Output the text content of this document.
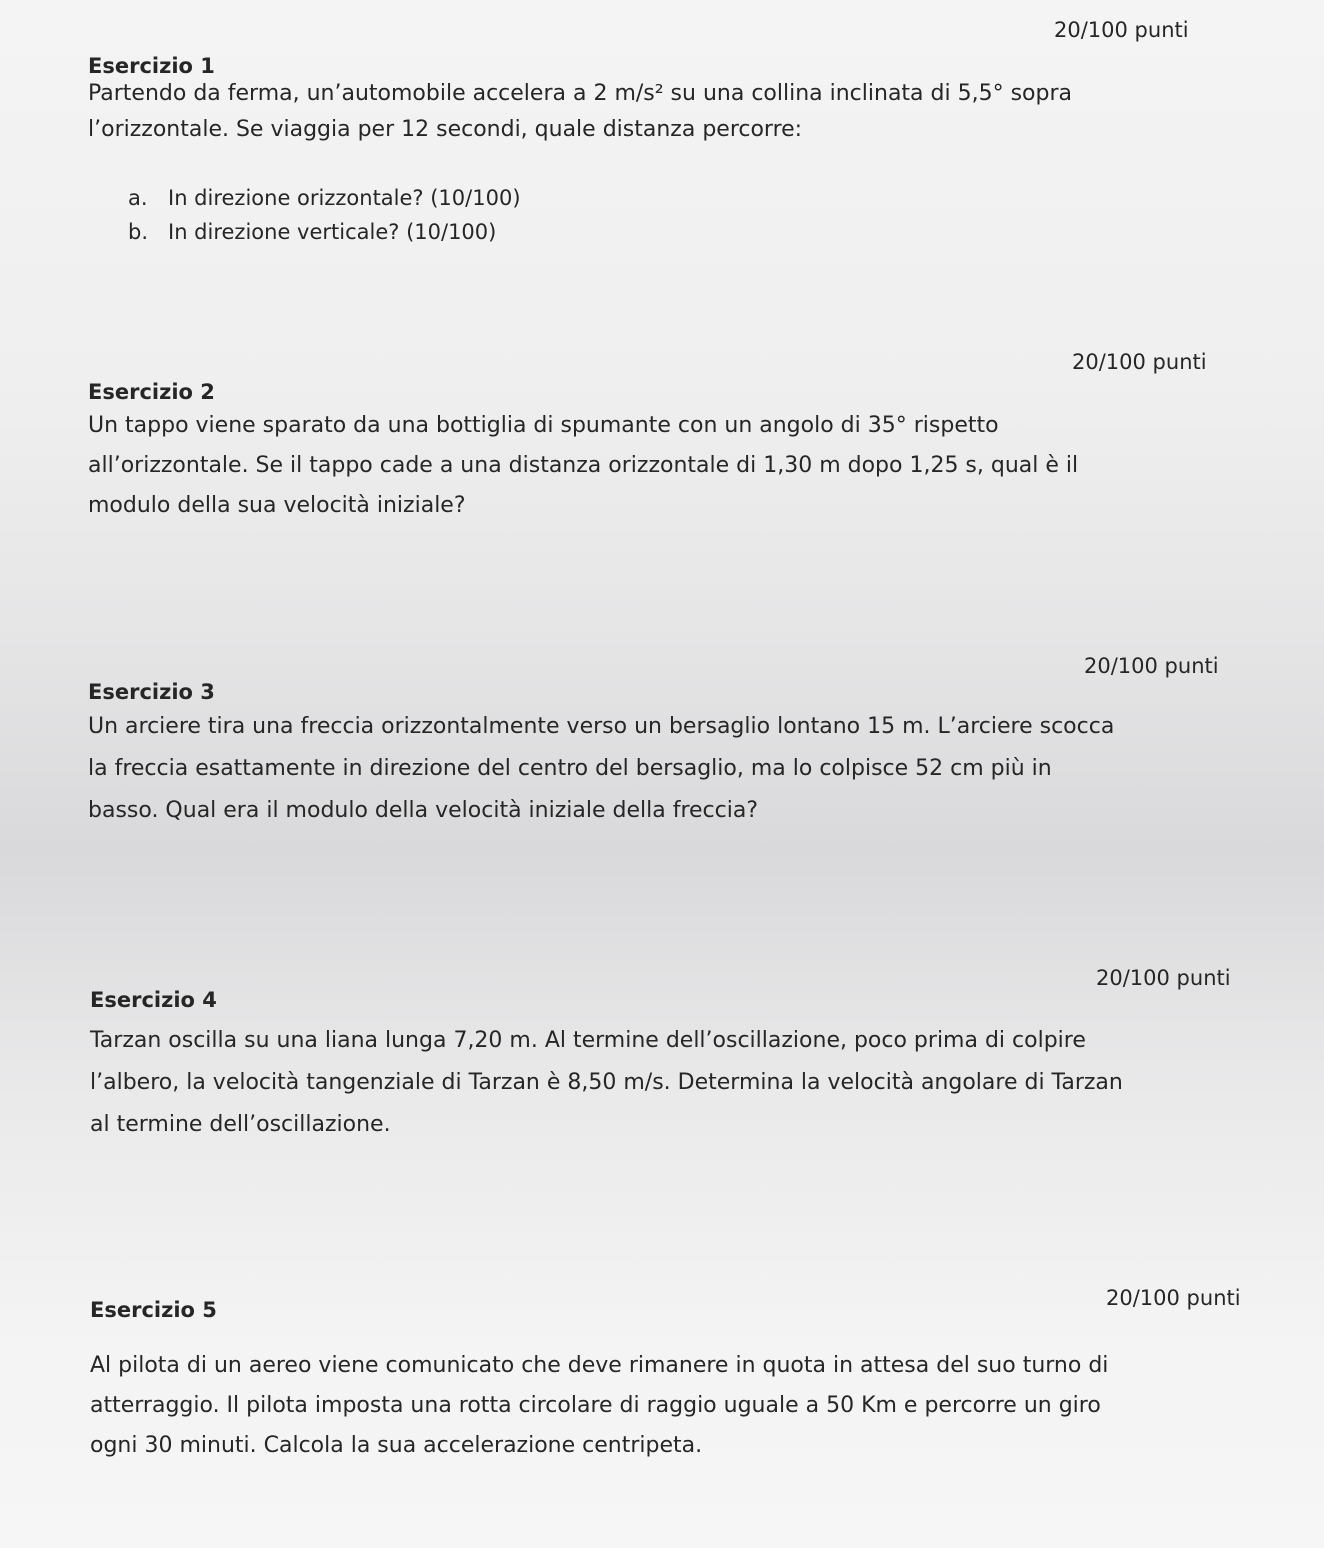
20/100 punti
Esercizio 1

Partendo da ferma, un’automobile accelera a 2 m/s² su una collina inclinata di 5,5° sopra

l’orizzontale. Se viaggia per 12 secondi, quale distanza percorre:

a. In direzione orizzontale? (10/100)
b. In direzione verticale? (10/100)
20/100 punti
Esercizio 2

Un tappo viene sparato da una bottiglia di spumante con un angolo di 35° rispetto

all’orizzontale. Se il tappo cade a una distanza orizzontale di 1,30 m dopo 1,25 s, qual è il

modulo della sua velocità iniziale?

20/100 punti
Esercizio 3

Un arciere tira una freccia orizzontalmente verso un bersaglio lontano 15 m. L’arciere scocca

la freccia esattamente in direzione del centro del bersaglio, ma lo colpisce 52 cm più in

basso. Qual era il modulo della velocità iniziale della freccia?

20/100 punti
Esercizio 4

Tarzan oscilla su una liana lunga 7,20 m. Al termine dell’oscillazione, poco prima di colpire

l’albero, la velocità tangenziale di Tarzan è 8,50 m/s. Determina la velocità angolare di Tarzan

al termine dell’oscillazione.

20/100 punti
Esercizio 5

Al pilota di un aereo viene comunicato che deve rimanere in quota in attesa del suo turno di

atterraggio. Il pilota imposta una rotta circolare di raggio uguale a 50 Km e percorre un giro

ogni 30 minuti. Calcola la sua accelerazione centripeta.
